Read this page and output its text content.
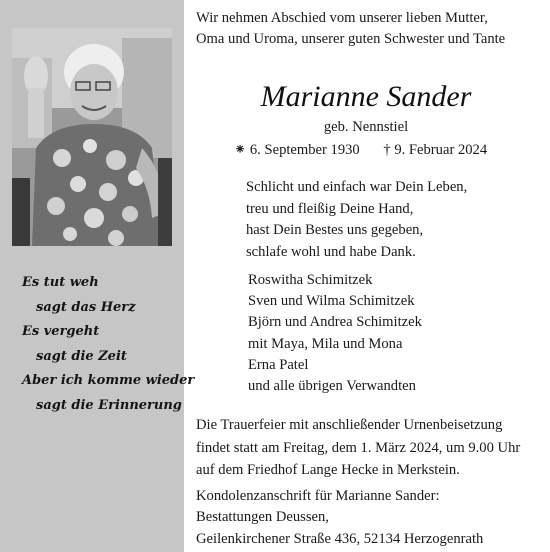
Es tut weh
sagt das Herz
Es vergeht
sagt die Zeit
Aber ich komme wieder
sagt die Erinnerung
Wir nehmen Abschied vom unserer lieben Mutter,
Oma und Uroma, unserer guten Schwester und Tante
Marianne Sander
geb. Nennstiel
⁕ 6. September 1930 † 9. Februar 2024
Schlicht und einfach war Dein Leben,
treu und fleißig Deine Hand,
hast Dein Bestes uns gegeben,
schlafe wohl und habe Dank.
Roswitha Schimitzek
Sven und Wilma Schimitzek
Björn und Andrea Schimitzek
mit Maya, Mila und Mona
Erna Patel
und alle übrigen Verwandten
Die Trauerfeier mit anschließender Urnenbeisetzung
findet statt am Freitag, dem 1. März 2024, um 9.00 Uhr
auf dem Friedhof Lange Hecke in Merkstein.
Kondolenzanschrift für Marianne Sander:
Bestattungen Deussen,
Geilenkirchener Straße 436, 52134 Herzogenrath
